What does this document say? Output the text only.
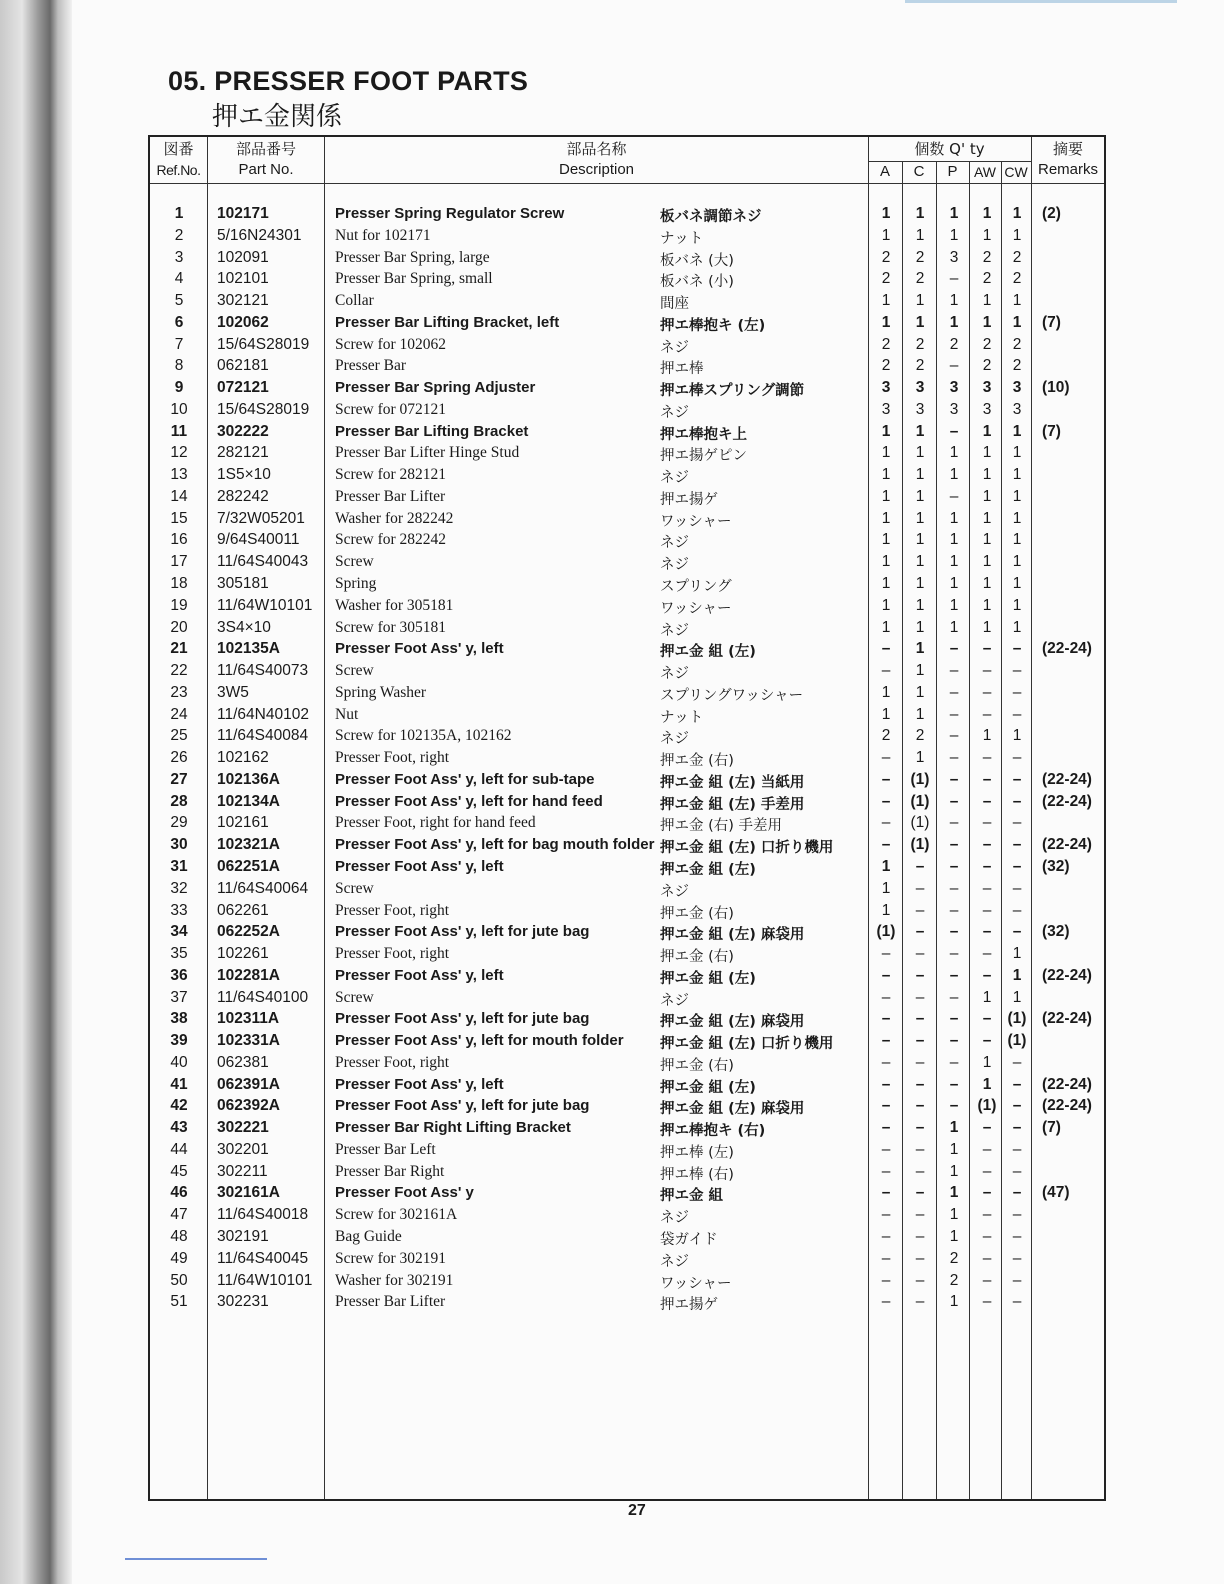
05. PRESSER FOOT PARTS
押エ金関係
図番
Ref.No.
部品番号
Part No.
部品名称
Description
個数 Q' ty
A	C	P	AW CW
摘要
Remarks
1	102171	Presser Spring Regulator Screw	板バネ調節ネジ	1	1	1	1	1	(2)
2	5/16N24301 Nut for 102171	ナット	1	1	1	1	1
3	102091	Presser Bar Spring, large	板バネ (大)	2	2	3	2	2
4	102101	Presser Bar Spring, small	板バネ (小)	2	2	–	2	2
5	302121	Collar	間座	1	1	1	1	1
6	102062	Presser Bar Lifting Bracket, left	押エ棒抱キ (左)	1	1	1	1	1	(7)
7	15/64S28019 Screw for 102062	ネジ	2	2	2	2	2
8	062181	Presser Bar	押エ棒	2	2	–	2	2
9	072121	Presser Bar Spring Adjuster	押エ棒スプリング調節	3	3	3	3	3	(10)
10	15/64S28019 Screw for 072121	ネジ	3	3	3	3	3
11	302222	Presser Bar Lifting Bracket	押エ棒抱キ上	1	1	–	1	1	(7)
12	282121	Presser Bar Lifter Hinge Stud	押エ揚ゲピン	1	1	1	1	1
13	1S5×10	Screw for 282121	ネジ	1	1	1	1	1
14	282242	Presser Bar Lifter	押エ揚ゲ	1	1	–	1	1
15	7/32W05201 Washer for 282242	ワッシャー	1	1	1	1	1
16	9/64S40011 Screw for 282242	ネジ	1	1	1	1	1
17	11/64S40043 Screw	ネジ	1	1	1	1	1
18	305181	Spring	スプリング	1	1	1	1	1
19	11/64W10101 Washer for 305181	ワッシャー	1	1	1	1	1
20	3S4×10	Screw for 305181	ネジ	1	1	1	1	1
21	102135A	Presser Foot Ass' y, left	押エ金 組 (左)	–	1	–	–	–	(22-24)
22	11/64S40073 Screw	ネジ	–	1	–	–	–
23	3W5	Spring Washer	スプリングワッシャー	1	1	–	–	–
24	11/64N40102 Nut	ナット	1	1	–	–	–
25	11/64S40084 Screw for 102135A, 102162	ネジ	2	2	–	1	1
26	102162	Presser Foot, right	押エ金 (右)	–	1	–	–	–
27	102136A	Presser Foot Ass' y, left for sub-tape	押エ金 組 (左) 当紙用	–	(1)	–	–	–	(22-24)
28	102134A	Presser Foot Ass' y, left for hand feed	押エ金 組 (左) 手差用	–	(1)	–	–	–	(22-24)
29	102161	Presser Foot, right for hand feed	押エ金 (右) 手差用	–	(1)	–	–	–
30	102321A	Presser Foot Ass' y, left for bag mouth folder 押エ金 組 (左) 口折り機用	–	(1)	–	–	–	(22-24)
31	062251A	Presser Foot Ass' y, left	押エ金 組 (左)	1	–	–	–	–	(32)
32	11/64S40064 Screw	ネジ	1	–	–	–	–
33	062261	Presser Foot, right	押エ金 (右)	1	–	–	–	–
34	062252A	Presser Foot Ass' y, left for jute bag	押エ金 組 (左) 麻袋用	(1)	–	–	–	–	(32)
35	102261	Presser Foot, right	押エ金 (右)	–	–	–	–	1
36	102281A	Presser Foot Ass' y, left	押エ金 組 (左)	–	–	–	–	1	(22-24)
37	11/64S40100 Screw	ネジ	–	–	–	1	1
38	102311A	Presser Foot Ass' y, left for jute bag	押エ金 組 (左) 麻袋用	–	–	–	–	(1)	(22-24)
39	102331A	Presser Foot Ass' y, left for mouth folder	押エ金 組 (左) 口折り機用	–	–	–	–	(1)
40	062381	Presser Foot, right	押エ金 (右)	–	–	–	1	–
41	062391A	Presser Foot Ass' y, left	押エ金 組 (左)	–	–	–	1	–	(22-24)
42	062392A	Presser Foot Ass' y, left for jute bag	押エ金 組 (左) 麻袋用	–	–	–	(1)	–	(22-24)
43	302221	Presser Bar Right Lifting Bracket	押エ棒抱キ (右)	–	–	1	–	–	(7)
44	302201	Presser Bar Left	押エ棒 (左)	–	–	1	–	–
45	302211	Presser Bar Right	押エ棒 (右)	–	–	1	–	–
46	302161A	Presser Foot Ass' y	押エ金 組	–	–	1	–	–	(47)
47	11/64S40018 Screw for 302161A	ネジ	–	–	1	–	–
48	302191	Bag Guide	袋ガイド	–	–	1	–	–
49	11/64S40045 Screw for 302191	ネジ	–	–	2	–	–
50	11/64W10101 Washer for 302191	ワッシャー	–	–	2	–	–
51	302231	Presser Bar Lifter	押エ揚ゲ	–	–	1	–	–
27
